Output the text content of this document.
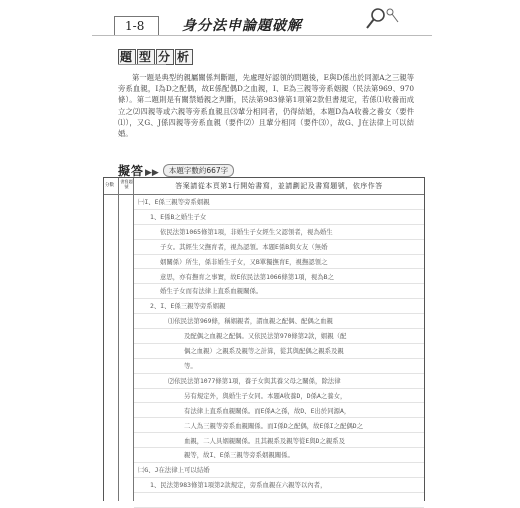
1-8	身分法申論題破解
題 型 分 析

第一題是典型的親屬關係判斷題，先處理好認領的問題後，E與D係出於同源A之三親等旁系血親，I為D之配偶，故E係配偶D之血親，I、E為三親等旁系姻親（民法第969、970條）。第二題則是有關禁婚親之判斷，民法第983條第1項第2款但書規定，若係⑴收養而成立之⑵四親等或六親等旁系血親且⑶輩分相同者，仍得結婚，本題D為A收養之養女（要件⑴），又G、J係四親等旁系血親（要件⑵）且輩分相同（要件⑶），故G、J在法律上可以結婚。

擬答▶▶ 本題字數約667字
分數
書寫題號	答案請從本頁第1行開始書寫，並請劃記及書寫題號，依序作答
㈠I、E係三親等旁系姻親
1、E係B之婚生子女
依民法第1065條第1項，非婚生子女經生父認領者，視為婚生
子女。其經生父撫育者，視為認領。本題E係B與女友（無婚
姻關係）所生，係非婚生子女，又B單獨撫育E，視撫認領之
意思，亦有撫育之事實，故E依民法第1066條第1項，視為B之
婚生子女而有法律上直系血親關係。
2、I、E係三親等旁系姻親
⑴依民法第969條，稱姻親者，謂血親之配偶、配偶之血親
及配偶之血親之配偶。又依民法第970條第2款，姻親（配
偶之血親）之親系及親等之計算，從其與配偶之親系及親
等。
⑵依民法第1077條第1項，養子女與其養父母之關係，除法律
另有規定外，與婚生子女同。本題A收養D，D係A之養女，
有法律上直系血親關係。而E係A之孫，故D、E出於同源A，
二人為三親等旁系血親關係。而I係D之配偶，故E係I之配偶D之
血親，二人具姻親關係。且其親系及親等從E與D之親系及
親等，故I、E係三親等旁系姻親關係。
㈡G、J在法律上可以結婚
1、民法第983條第1項第2款規定，旁系血親在六親等以內者，
